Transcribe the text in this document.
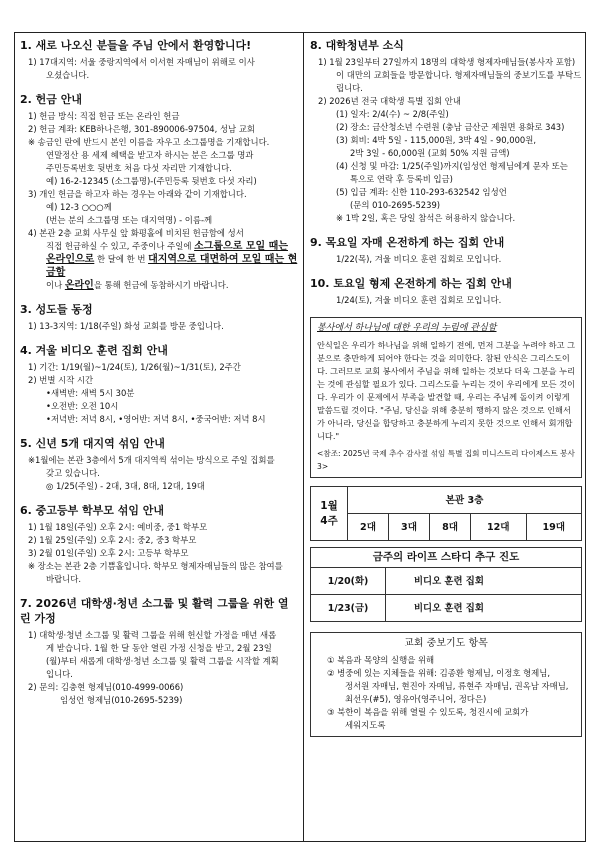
1. 새로 나오신 분들을 주님 안에서 환영합니다!
1) 17대지역: 서울 중랑지역에서 이서현 자매님이 위해로 이사
오셨습니다.
2. 헌금 안내
1) 헌금 방식: 직접 헌금 또는 온라인 헌금
2) 헌금 계좌: KEB하나은행, 301-890006-97504, 성남 교회
※ 송금인 란에 반드시 본인 이름을 자우고 소그룹명을 기재합니다.
연말정산 용 세제 혜택을 받고자 하시는 분은 소그룹 명과
주민등록번호 뒷번호 처음 다섯 자리만 기재합니다.
예) 16-2-12345 (소그룹명)-(주민등록 뒷번호 다섯 자리)
3) 개인 헌금을 하고자 하는 경우는 아래와 같이 기재합니다.
예) 12-3 ○○○께
(번는 분의 소그룹명 또는 대지역명) - 이름-께
4) 본관 2층 교회 사무실 앞 화평홀에 비치된 헌금함에 성서
직접 헌금하실 수 있고, 주중이나 주일에 소그룹으로 모일 때는
온라인으로 한 달에 한 번 대지역으로 대면하여 모일 때는 현금함
이나 온라인을 통해 헌금에 동참하시기 바랍니다.
3. 성도들 동정
1) 13-3지역: 1/18(주일) 화성 교회를 방문 중입니다.
4. 겨울 비디오 훈련 집회 안내
1) 기간: 1/19(월)~1/24(토), 1/26(월)~1/31(토), 2주간
2) 번별 시작 시간
•새벽반: 새벽 5시 30분
•오전반: 오전 10시
•저녁반: 저녁 8시, •영어반: 저녁 8시, •중국어반: 저녁 8시
5. 신년 5개 대지역 섞임 안내
※1월에는 본관 3층에서 5개 대지역씩 섞이는 방식으로 주일 집회를
갖고 있습니다.
◎ 1/25(주일) - 2대, 3대, 8대, 12대, 19대
6. 중고등부 학부모 섞임 안내
1) 1월 18일(주일) 오후 2시: 예비중, 중1 학부모
2) 1월 25일(주일) 오후 2시: 중2, 중3 학부모
3) 2월 01일(주일) 오후 2시: 고등부 학부모
※ 장소는 본관 2층 기쁨홀입니다. 학부모 형제자매님들의 많은 참여를
바랍니다.
7. 2026년 대학생·청년 소그룹 및 활력 그룹을 위한 열린 가정
1) 대학생·청년 소그룹 및 활력 그룹을 위해 헌신할 가정을 매년 새롭
게 받습니다. 1월 한 달 동안 열린 가정 신청을 받고, 2월 23일
(월)부터 새롭게 대학생·청년 소그룹 및 활력 그룹을 시작할 계획
입니다.
2) 문의: 김충현 형제님(010-4999-0066)
임성언 형제님(010-2695-5239)
8. 대학청년부 소식
1) 1월 23일부터 27일까지 18명의 대학생 형제자매님들(봉사자 포함)
이 대만의 교회들을 방문합니다. 형제자매님들의 중보기도를 부탁드
립니다.
2) 2026년 전국 대학생 특별 집회 안내
(1) 일자: 2/4(수) ~ 2/8(주일)
(2) 장소: 금산청소년 수련원 (충남 금산군 제원면 용화로 343)
(3) 회비: 4박 5일 - 115,000원, 3박 4일 - 90,000원,
2박 3일 - 60,000원 (교회 50% 지원 금액)
(4) 신청 및 마감: 1/25(주일)까지(임성언 형제님에게 문자 또는
톡으로 연락 후 등록비 입금)
(5) 입금 계좌: 신한 110-293-632542 임성언
(문의 010-2695-5239)
※ 1박 2일, 혹은 당일 참석은 허용하지 않습니다.
9. 목요일 자매 온전하게 하는 집회 안내
1/22(목), 겨울 비디오 훈련 집회로 모입니다.
10. 토요일 형제 온전하게 하는 집회 안내
1/24(토), 겨울 비디오 훈련 집회로 모입니다.
봉사에서 하나님에 대한 우리의 누림에 관심함
안식일은 우리가 하나님을 위해 일하기 전에, 먼저 그분을 누려야 하고 그분으로 충만하게 되어야 한다는 것을 의미한다. 참된 안식은 그리스도이다. 그러므로 교회 봉사에서 주님을 위해 일하는 것보다 더욱 그분을 누리는 것에 관심할 필요가 있다. 그리스도를 누리는 것이 우리에게 모든 것이다. 우리가 이 문제에서 부족을 발견할 때, 우리는 주님께 돌이켜 이렇게 말씀드릴 것이다. "주님, 당신을 위해 충분히 행하지 않은 것으로 인해서가 아니라, 당신을 합당하고 충분하게 누리지 못한 것으로 인해서 회개합니다."
<참조: 2025년 국제 추수 감사절 섞임 특별 집회 미니스트리 다이제스트 봉사3>
1월
4주	본관 3층				
	2대	3대	8대	12대	19대
금주의 라이프 스타디 추구 진도
1/20(화)	비디오 훈련 집회
1/23(금)	비디오 훈련 집회
교회 중보기도 항목
① 복음과 목양의 실행을 위해
② 병중에 있는 지체들을 위해: 김종환 형제님, 이정호 형제님,
정서원 자매님, 현진아 자매님, 류현주 자매님, 권옥남 자매님,
최선우(#5), 영유아(영주니어, 정다은)
③ 북한이 복음을 위해 열릴 수 있도록, 청진시에 교회가
세워지도록
